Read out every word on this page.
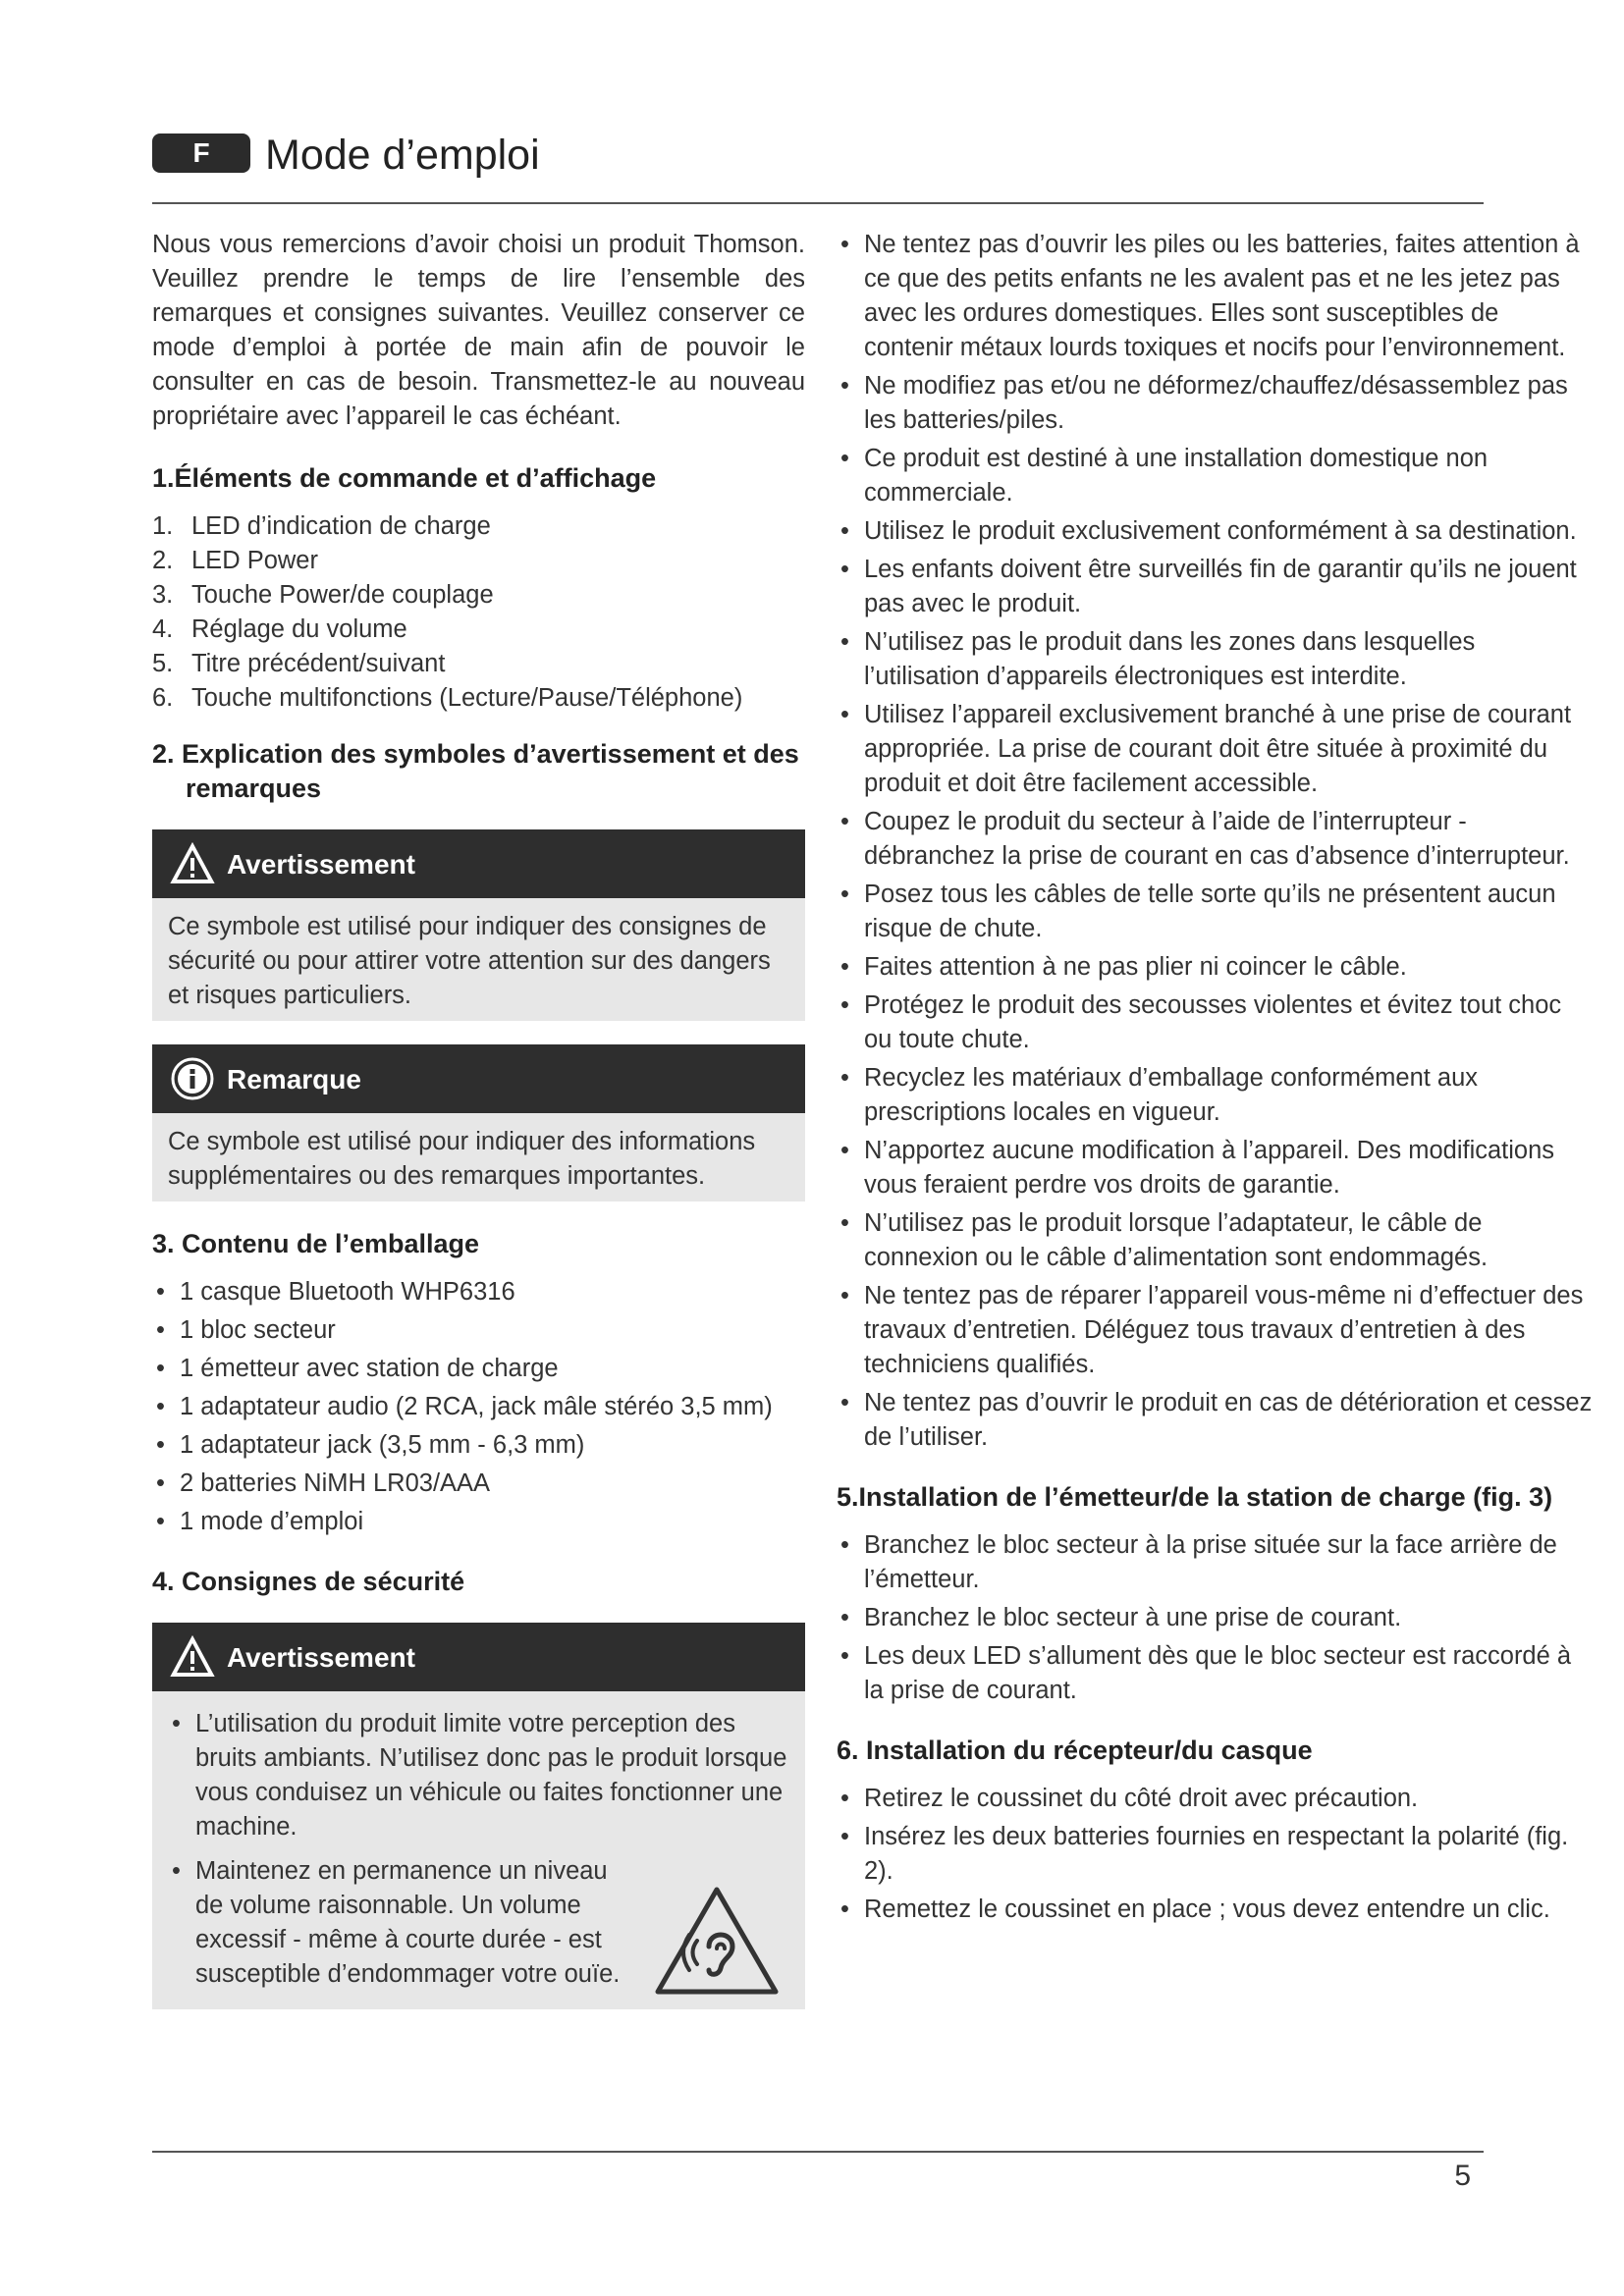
F	Mode d’emploi

Nous vous remercions d’avoir choisi un produit Thomson. Veuillez prendre le temps de lire l’ensemble des remarques et consignes suivantes. Veuillez conserver ce mode d’emploi à portée de main afin de pouvoir le consulter en cas de besoin. Transmettez-le au nouveau propriétaire avec l’appareil le cas échéant.

1.Éléments de commande et d’affichage
1. LED d’indication de charge
2. LED Power
3. Touche Power/de couplage
4. Réglage du volume
5. Titre précédent/suivant
6. Touche multifonctions (Lecture/Pause/Téléphone)
2. Explication des symboles d’avertissement et des remarques
Avertissement

Ce symbole est utilisé pour indiquer des consignes de sécurité ou pour attirer votre attention sur des dangers et risques particuliers.

Remarque

Ce symbole est utilisé pour indiquer des informations supplémentaires ou des remarques importantes.

3. Contenu de l’emballage
• 1 casque Bluetooth WHP6316
• 1 bloc secteur
• 1 émetteur avec station de charge
• 1 adaptateur audio (2 RCA, jack mâle stéréo 3,5 mm)
• 1 adaptateur jack (3,5 mm - 6,3 mm)
• 2 batteries NiMH LR03/AAA
• 1 mode d’emploi
4. Consignes de sécurité
Avertissement
• L’utilisation du produit limite votre perception des bruits ambiants. N’utilisez donc pas le produit lorsque vous conduisez un véhicule ou faites fonctionner une machine.
• Maintenez en permanence un niveau de volume raisonnable. Un volume excessif - même à courte durée - est susceptible d’endommager votre ouïe.
• Ne tentez pas d’ouvrir les piles ou les batteries, faites attention à ce que des petits enfants ne les avalent pas et ne les jetez pas avec les ordures domestiques. Elles sont susceptibles de contenir métaux lourds toxiques et nocifs pour l’environnement.
• Ne modifiez pas et/ou ne déformez/chauffez/désassemblez pas les batteries/piles.
• Ce produit est destiné à une installation domestique non commerciale.
• Utilisez le produit exclusivement conformément à sa destination.
• Les enfants doivent être surveillés fin de garantir qu’ils ne jouent pas avec le produit.
• N’utilisez pas le produit dans les zones dans lesquelles l’utilisation d’appareils électroniques est interdite.
• Utilisez l’appareil exclusivement branché à une prise de courant appropriée. La prise de courant doit être située à proximité du produit et doit être facilement accessible.
• Coupez le produit du secteur à l’aide de l’interrupteur - débranchez la prise de courant en cas d’absence d’interrupteur.
• Posez tous les câbles de telle sorte qu’ils ne présentent aucun risque de chute.
• Faites attention à ne pas plier ni coincer le câble.
• Protégez le produit des secousses violentes et évitez tout choc ou toute chute.
• Recyclez les matériaux d’emballage conformément aux prescriptions locales en vigueur.
• N’apportez aucune modification à l’appareil. Des modifications vous feraient perdre vos droits de garantie.
• N’utilisez pas le produit lorsque l’adaptateur, le câble de connexion ou le câble d’alimentation sont endommagés.
• Ne tentez pas de réparer l’appareil vous-même ni d’effectuer des travaux d’entretien. Déléguez tous travaux d’entretien à des techniciens qualifiés.
• Ne tentez pas d’ouvrir le produit en cas de détérioration et cessez de l’utiliser.
5.Installation de l’émetteur/de la station de charge (fig. 3)
• Branchez le bloc secteur à la prise située sur la face arrière de l’émetteur.
• Branchez le bloc secteur à une prise de courant.
• Les deux LED s’allument dès que le bloc secteur est raccordé à la prise de courant.
6. Installation du récepteur/du casque
• Retirez le coussinet du côté droit avec précaution.
• Insérez les deux batteries fournies en respectant la polarité (fig. 2).
• Remettez le coussinet en place ; vous devez entendre un clic.
5
